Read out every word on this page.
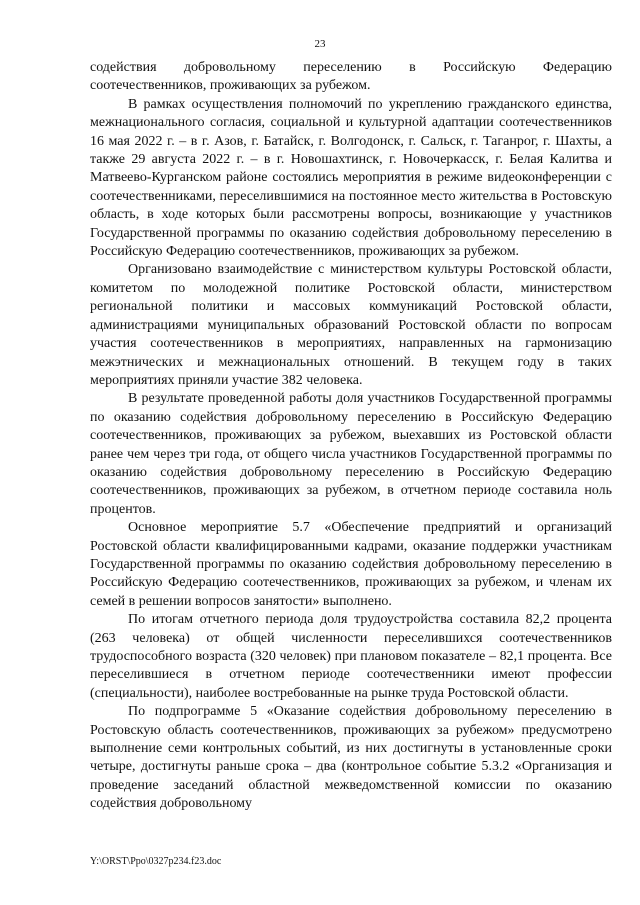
23

содействия добровольному переселению в Российскую Федерацию соотечественников, проживающих за рубежом.

В рамках осуществления полномочий по укреплению гражданского единства, межнационального согласия, социальной и культурной адаптации соотечественников 16 мая 2022 г. – в г. Азов, г. Батайск, г. Волгодонск, г. Сальск, г. Таганрог, г. Шахты, а также 29 августа 2022 г. – в г. Новошахтинск, г. Новочеркасск, г. Белая Калитва и Матвеево-Курганском районе состоялись мероприятия в режиме видеоконференции с соотечественниками, переселившимися на постоянное место жительства в Ростовскую область, в ходе которых были рассмотрены вопросы, возникающие у участников Государственной программы по оказанию содействия добровольному переселению в Российскую Федерацию соотечественников, проживающих за рубежом.

Организовано взаимодействие с министерством культуры Ростовской области, комитетом по молодежной политике Ростовской области, министерством региональной политики и массовых коммуникаций Ростовской области, администрациями муниципальных образований Ростовской области по вопросам участия соотечественников в мероприятиях, направленных на гармонизацию межэтнических и межнациональных отношений. В текущем году в таких мероприятиях приняли участие 382 человека.

В результате проведенной работы доля участников Государственной программы по оказанию содействия добровольному переселению в Российскую Федерацию соотечественников, проживающих за рубежом, выехавших из Ростовской области ранее чем через три года, от общего числа участников Государственной программы по оказанию содействия добровольному переселению в Российскую Федерацию соотечественников, проживающих за рубежом, в отчетном периоде составила ноль процентов.

Основное мероприятие 5.7 «Обеспечение предприятий и организаций Ростовской области квалифицированными кадрами, оказание поддержки участникам Государственной программы по оказанию содействия добровольному переселению в Российскую Федерацию соотечественников, проживающих за рубежом, и членам их семей в решении вопросов занятости» выполнено.

По итогам отчетного периода доля трудоустройства составила 82,2 процента (263 человека) от общей численности переселившихся соотечественников трудоспособного возраста (320 человек) при плановом показателе – 82,1 процента. Все переселившиеся в отчетном периоде соотечественники имеют профессии (специальности), наиболее востребованные на рынке труда Ростовской области.

По подпрограмме 5 «Оказание содействия добровольному переселению в Ростовскую область соотечественников, проживающих за рубежом» предусмотрено выполнение семи контрольных событий, из них достигнуты в установленные сроки четыре, достигнуты раньше срока – два (контрольное событие 5.3.2 «Организация и проведение заседаний областной межведомственной комиссии по оказанию содействия добровольному

Y:\ORST\Ppo\0327p234.f23.doc
